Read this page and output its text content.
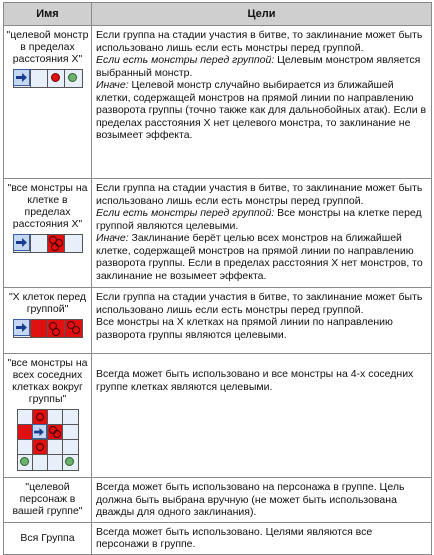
Имя	Цели

"целевой монстр в пределах расстояния X"	Если группа на стадии участия в битве, то заклинание может быть использовано лишь если есть монстры перед группой.
Если есть монстры перед группой: Целевым монстром является выбранный монстр.
Иначе: Целевой монстр случайно выбирается из ближайшей клетки, содержащей монстров на прямой линии по направлению разворота группы (точно также как для дальнобойных атак). Если в пределах расстояния X нет целевого монстра, то заклинание не возымеет эффекта.

"все монстры на клетке в пределах расстояния X"	Если группа на стадии участия в битве, то заклинание может быть использовано лишь если есть монстры перед группой.
Если есть монстры перед группой: Все монстры на клетке перед группой являются целевыми.
Иначе: Заклинание берёт целью всех монстров на ближайшей клетке, содержащей монстров на прямой линии по направлению разворота группы. Если в пределах расстояния X нет монстров, то заклинание не возымеет эффекта.

"X клеток перед группой"	Если группа на стадии участия в битве, то заклинание может быть использовано лишь если есть монстры перед группой.
Все монстры на X клетках на прямой линии по направлению разворота группы являются целевыми.

"все монстры на всех соседних клетках вокруг группы"	Всегда может быть использовано и все монстры на 4-х соседних группе клетках являются целевыми.

"целевой персонаж в вашей группе"	Всегда может быть использовано на персонажа в группе. Цель должна быть выбрана вручную (не может быть использована дважды для одного заклинания).

Вся Группа	Всегда может быть использовано. Целями являются все персонажи в группе.
